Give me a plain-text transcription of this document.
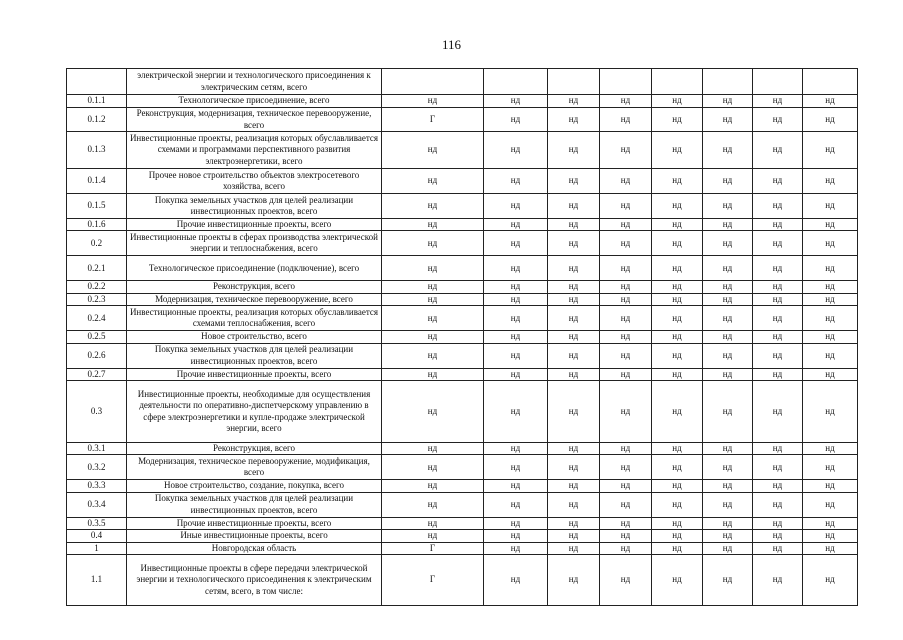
116
	электрической энергии и технологического присоединения к электрическим сетям, всего								
0.1.1	Технологическое присоединение, всего	нд	нд	нд	нд	нд	нд	нд	нд
0.1.2	Реконструкция, модернизация, техническое перевооружение, всего	Г	нд	нд	нд	нд	нд	нд	нд
0.1.3	Инвестиционные проекты, реализация которых обуславливается схемами и программами перспективного развития электроэнергетики, всего	нд	нд	нд	нд	нд	нд	нд	нд
0.1.4	Прочее новое строительство объектов электросетевого хозяйства, всего	нд	нд	нд	нд	нд	нд	нд	нд
0.1.5	Покупка земельных участков для целей реализации инвестиционных проектов, всего	нд	нд	нд	нд	нд	нд	нд	нд
0.1.6	Прочие инвестиционные проекты, всего	нд	нд	нд	нд	нд	нд	нд	нд
0.2	Инвестиционные проекты в сферах производства электрической энергии и теплоснабжения, всего	нд	нд	нд	нд	нд	нд	нд	нд
0.2.1	Технологическое присоединение (подключение), всего	нд	нд	нд	нд	нд	нд	нд	нд
0.2.2	Реконструкция, всего	нд	нд	нд	нд	нд	нд	нд	нд
0.2.3	Модернизация, техническое перевооружение, всего	нд	нд	нд	нд	нд	нд	нд	нд
0.2.4	Инвестиционные проекты, реализация которых обуславливается схемами теплоснабжения, всего	нд	нд	нд	нд	нд	нд	нд	нд
0.2.5	Новое строительство, всего	нд	нд	нд	нд	нд	нд	нд	нд
0.2.6	Покупка земельных участков для целей реализации инвестиционных проектов, всего	нд	нд	нд	нд	нд	нд	нд	нд
0.2.7	Прочие инвестиционные проекты, всего	нд	нд	нд	нд	нд	нд	нд	нд
0.3	Инвестиционные проекты, необходимые для осуществления деятельности по оперативно-диспетчерскому управлению в сфере электроэнергетики и купле-продаже электрической энергии, всего	нд	нд	нд	нд	нд	нд	нд	нд
0.3.1	Реконструкция, всего	нд	нд	нд	нд	нд	нд	нд	нд
0.3.2	Модернизация, техническое перевооружение, модификация, всего	нд	нд	нд	нд	нд	нд	нд	нд
0.3.3	Новое строительство, создание, покупка, всего	нд	нд	нд	нд	нд	нд	нд	нд
0.3.4	Покупка земельных участков для целей реализации инвестиционных проектов, всего	нд	нд	нд	нд	нд	нд	нд	нд
0.3.5	Прочие инвестиционные проекты, всего	нд	нд	нд	нд	нд	нд	нд	нд
0.4	Иные инвестиционные проекты, всего	нд	нд	нд	нд	нд	нд	нд	нд
1	Новгородская область	Г	нд	нд	нд	нд	нд	нд	нд
1.1	Инвестиционные проекты в сфере передачи электрической энергии и технологического присоединения к электрическим сетям, всего, в том числе:	Г	нд	нд	нд	нд	нд	нд	нд
